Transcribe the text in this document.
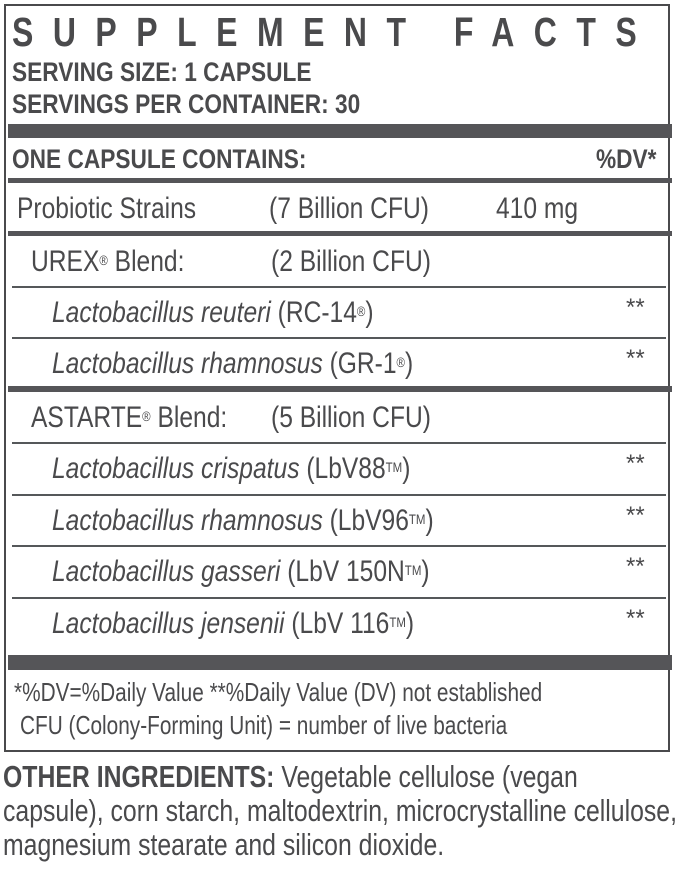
SUPPLEMENT FACTS
SERVING SIZE: 1 CAPSULE
SERVINGS PER CONTAINER: 30
ONE CAPSULE CONTAINS:	%DV*
Probiotic Strains	(7 Billion CFU)	410 mg
UREX® Blend:	(2 Billion CFU)
Lactobacillus reuteri (RC-14®)	**
Lactobacillus rhamnosus (GR-1®)	**
ASTARTE® Blend:	(5 Billion CFU)
Lactobacillus crispatus (LbV88™)	**
Lactobacillus rhamnosus (LbV96™)	**
Lactobacillus gasseri (LbV 150N™)	**
Lactobacillus jensenii (LbV 116™)	**
*%DV=%Daily Value **%Daily Value (DV) not established
CFU (Colony-Forming Unit) = number of live bacteria
OTHER INGREDIENTS: Vegetable cellulose (vegan capsule), corn starch, maltodextrin, microcrystalline cellulose, magnesium stearate and silicon dioxide.
